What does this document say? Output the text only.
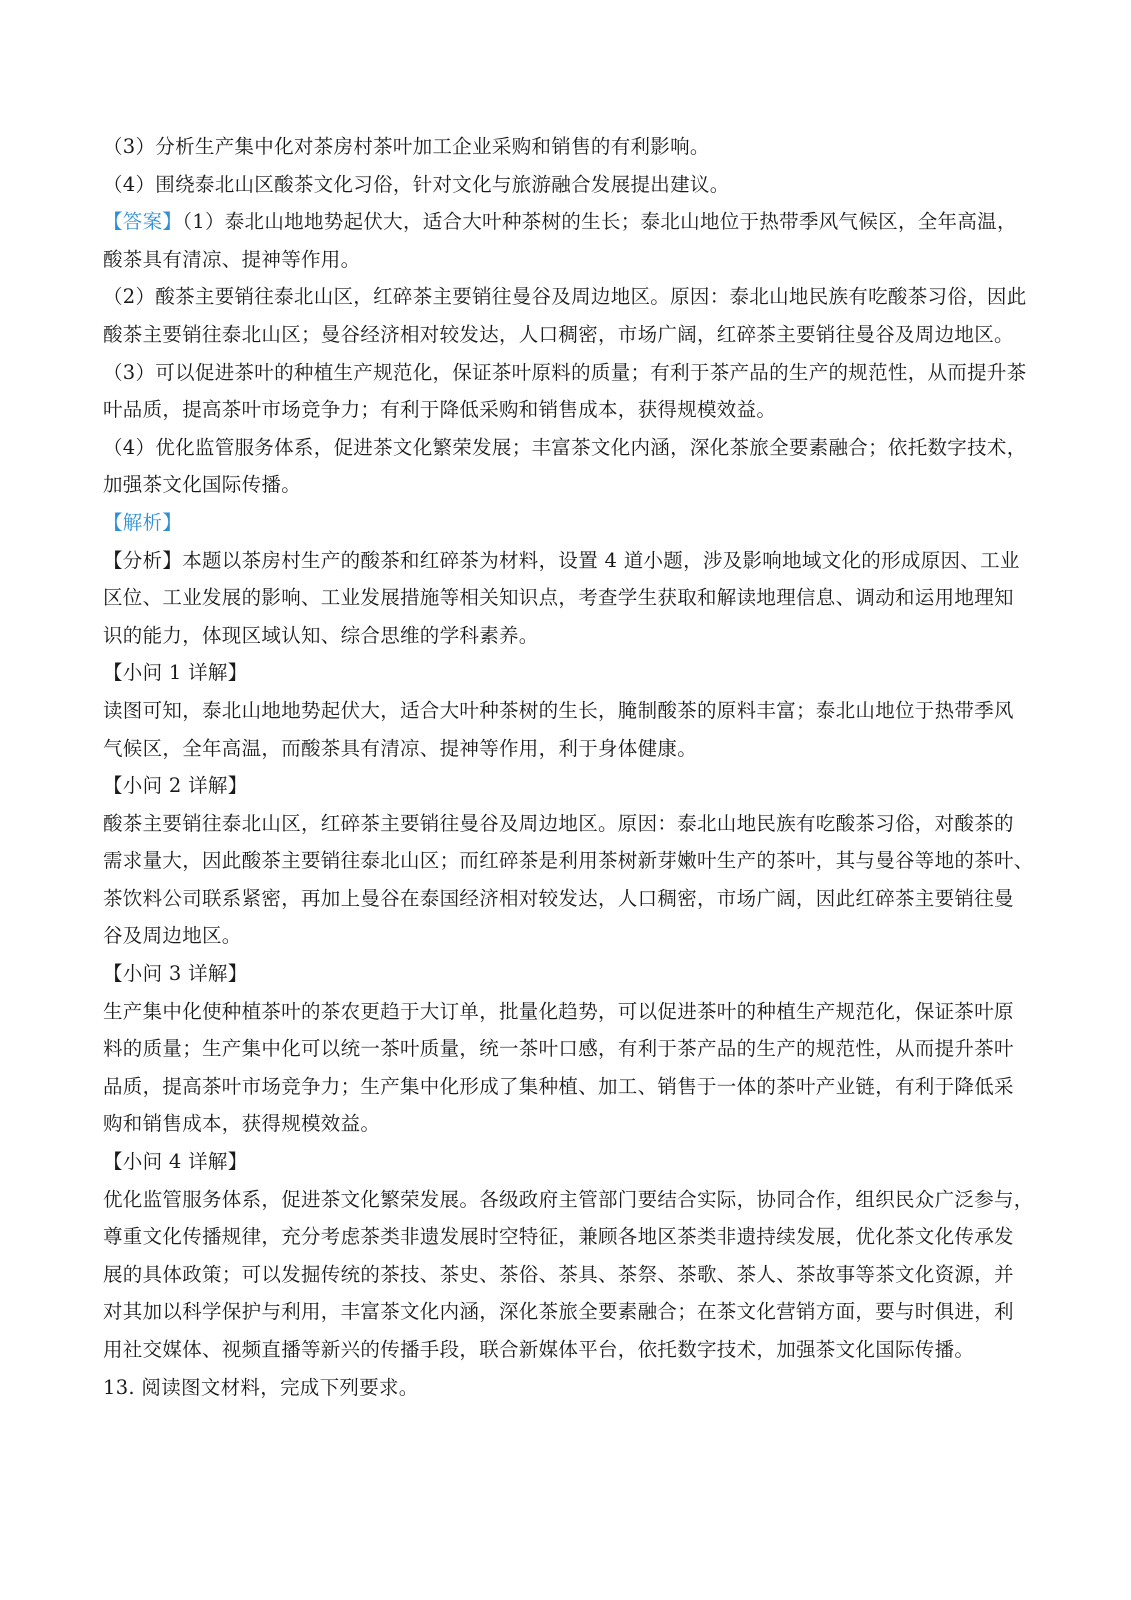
（3）分析生产集中化对茶房村茶叶加工企业采购和销售的有利影响。
（4）围绕泰北山区酸茶文化习俗，针对文化与旅游融合发展提出建议。
【答案】（1）泰北山地地势起伏大，适合大叶种茶树的生长；泰北山地位于热带季风气候区，全年高温，
酸茶具有清凉、提神等作用。
（2）酸茶主要销往泰北山区，红碎茶主要销往曼谷及周边地区。原因：泰北山地民族有吃酸茶习俗，因此
酸茶主要销往泰北山区；曼谷经济相对较发达，人口稠密，市场广阔，红碎茶主要销往曼谷及周边地区。
（3）可以促进茶叶的种植生产规范化，保证茶叶原料的质量；有利于茶产品的生产的规范性，从而提升茶
叶品质，提高茶叶市场竞争力；有利于降低采购和销售成本，获得规模效益。
（4）优化监管服务体系，促进茶文化繁荣发展；丰富茶文化内涵，深化茶旅全要素融合；依托数字技术，
加强茶文化国际传播。
【解析】
【分析】本题以茶房村生产的酸茶和红碎茶为材料，设置 4 道小题，涉及影响地域文化的形成原因、工业
区位、工业发展的影响、工业发展措施等相关知识点，考查学生获取和解读地理信息、调动和运用地理知
识的能力，体现区域认知、综合思维的学科素养。
【小问 1 详解】
读图可知，泰北山地地势起伏大，适合大叶种茶树的生长，腌制酸茶的原料丰富；泰北山地位于热带季风
气候区，全年高温，而酸茶具有清凉、提神等作用，利于身体健康。
【小问 2 详解】
酸茶主要销往泰北山区，红碎茶主要销往曼谷及周边地区。原因：泰北山地民族有吃酸茶习俗，对酸茶的
需求量大，因此酸茶主要销往泰北山区；而红碎茶是利用茶树新芽嫩叶生产的茶叶，其与曼谷等地的茶叶、
茶饮料公司联系紧密，再加上曼谷在泰国经济相对较发达，人口稠密，市场广阔，因此红碎茶主要销往曼
谷及周边地区。
【小问 3 详解】
生产集中化使种植茶叶的茶农更趋于大订单，批量化趋势，可以促进茶叶的种植生产规范化，保证茶叶原
料的质量；生产集中化可以统一茶叶质量，统一茶叶口感，有利于茶产品的生产的规范性，从而提升茶叶
品质，提高茶叶市场竞争力；生产集中化形成了集种植、加工、销售于一体的茶叶产业链，有利于降低采
购和销售成本，获得规模效益。
【小问 4 详解】
优化监管服务体系，促进茶文化繁荣发展。各级政府主管部门要结合实际，协同合作，组织民众广泛参与，
尊重文化传播规律，充分考虑茶类非遗发展时空特征，兼顾各地区茶类非遗持续发展，优化茶文化传承发
展的具体政策；可以发掘传统的茶技、茶史、茶俗、茶具、茶祭、茶歌、茶人、茶故事等茶文化资源，并
对其加以科学保护与利用，丰富茶文化内涵，深化茶旅全要素融合；在茶文化营销方面，要与时俱进，利
用社交媒体、视频直播等新兴的传播手段，联合新媒体平台，依托数字技术，加强茶文化国际传播。
13. 阅读图文材料，完成下列要求。
